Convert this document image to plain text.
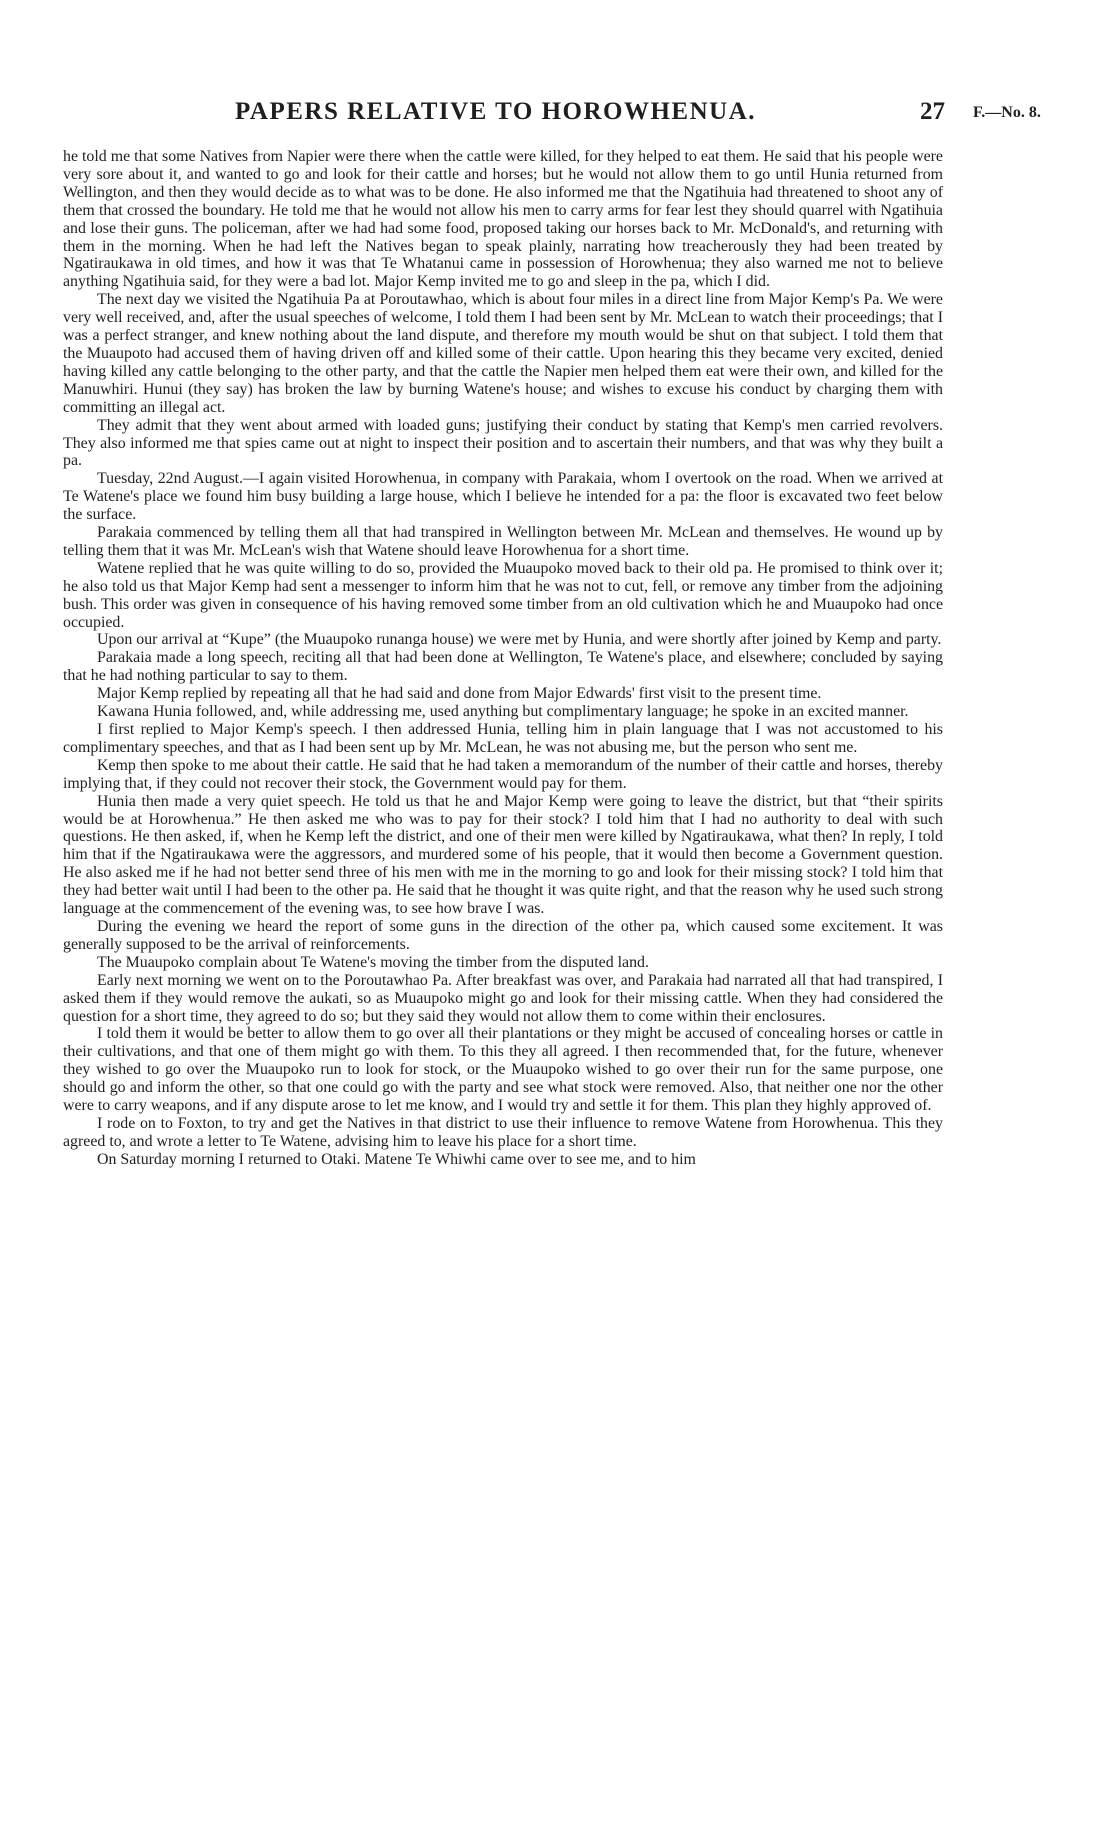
PAPERS RELATIVE TO HOROWHENUA.	27 F.—No. 8.

he told me that some Natives from Napier were there when the cattle were killed, for they helped to eat them. He said that his people were very sore about it, and wanted to go and look for their cattle and horses; but he would not allow them to go until Hunia returned from Wellington, and then they would decide as to what was to be done. He also informed me that the Ngatihuia had threatened to shoot any of them that crossed the boundary. He told me that he would not allow his men to carry arms for fear lest they should quarrel with Ngatihuia and lose their guns. The policeman, after we had had some food, proposed taking our horses back to Mr. McDonald's, and returning with them in the morning. When he had left the Natives began to speak plainly, narrating how treacherously they had been treated by Ngatiraukawa in old times, and how it was that Te Whatanui came in possession of Horowhenua; they also warned me not to believe anything Ngatihuia said, for they were a bad lot. Major Kemp invited me to go and sleep in the pa, which I did.

The next day we visited the Ngatihuia Pa at Poroutawhao, which is about four miles in a direct line from Major Kemp's Pa. We were very well received, and, after the usual speeches of welcome, I told them I had been sent by Mr. McLean to watch their proceedings; that I was a perfect stranger, and knew nothing about the land dispute, and therefore my mouth would be shut on that subject. I told them that the Muaupoto had accused them of having driven off and killed some of their cattle. Upon hearing this they became very excited, denied having killed any cattle belonging to the other party, and that the cattle the Napier men helped them eat were their own, and killed for the Manuwhiri. Hunui (they say) has broken the law by burning Watene's house; and wishes to excuse his conduct by charging them with committing an illegal act.

They admit that they went about armed with loaded guns; justifying their conduct by stating that Kemp's men carried revolvers. They also informed me that spies came out at night to inspect their position and to ascertain their numbers, and that was why they built a pa.

Tuesday, 22nd August.—I again visited Horowhenua, in company with Parakaia, whom I overtook on the road. When we arrived at Te Watene's place we found him busy building a large house, which I believe he intended for a pa: the floor is excavated two feet below the surface.

Parakaia commenced by telling them all that had transpired in Wellington between Mr. McLean and themselves. He wound up by telling them that it was Mr. McLean's wish that Watene should leave Horowhenua for a short time.

Watene replied that he was quite willing to do so, provided the Muaupoko moved back to their old pa. He promised to think over it; he also told us that Major Kemp had sent a messenger to inform him that he was not to cut, fell, or remove any timber from the adjoining bush. This order was given in consequence of his having removed some timber from an old cultivation which he and Muaupoko had once occupied.

Upon our arrival at “Kupe” (the Muaupoko runanga house) we were met by Hunia, and were shortly after joined by Kemp and party.

Parakaia made a long speech, reciting all that had been done at Wellington, Te Watene's place, and elsewhere; concluded by saying that he had nothing particular to say to them.

Major Kemp replied by repeating all that he had said and done from Major Edwards' first visit to the present time.

Kawana Hunia followed, and, while addressing me, used anything but complimentary language; he spoke in an excited manner.

I first replied to Major Kemp's speech. I then addressed Hunia, telling him in plain language that I was not accustomed to his complimentary speeches, and that as I had been sent up by Mr. McLean, he was not abusing me, but the person who sent me.

Kemp then spoke to me about their cattle. He said that he had taken a memorandum of the number of their cattle and horses, thereby implying that, if they could not recover their stock, the Government would pay for them.

Hunia then made a very quiet speech. He told us that he and Major Kemp were going to leave the district, but that “their spirits would be at Horowhenua.” He then asked me who was to pay for their stock? I told him that I had no authority to deal with such questions. He then asked, if, when he Kemp left the district, and one of their men were killed by Ngatiraukawa, what then? In reply, I told him that if the Ngatiraukawa were the aggressors, and murdered some of his people, that it would then become a Government question. He also asked me if he had not better send three of his men with me in the morning to go and look for their missing stock? I told him that they had better wait until I had been to the other pa. He said that he thought it was quite right, and that the reason why he used such strong language at the commencement of the evening was, to see how brave I was.

During the evening we heard the report of some guns in the direction of the other pa, which caused some excitement. It was generally supposed to be the arrival of reinforcements.

The Muaupoko complain about Te Watene's moving the timber from the disputed land.

Early next morning we went on to the Poroutawhao Pa. After breakfast was over, and Parakaia had narrated all that had transpired, I asked them if they would remove the aukati, so as Muaupoko might go and look for their missing cattle. When they had considered the question for a short time, they agreed to do so; but they said they would not allow them to come within their enclosures.

I told them it would be better to allow them to go over all their plantations or they might be accused of concealing horses or cattle in their cultivations, and that one of them might go with them. To this they all agreed. I then recommended that, for the future, whenever they wished to go over the Muaupoko run to look for stock, or the Muaupoko wished to go over their run for the same purpose, one should go and inform the other, so that one could go with the party and see what stock were removed. Also, that neither one nor the other were to carry weapons, and if any dispute arose to let me know, and I would try and settle it for them. This plan they highly approved of.

I rode on to Foxton, to try and get the Natives in that district to use their influence to remove Watene from Horowhenua. This they agreed to, and wrote a letter to Te Watene, advising him to leave his place for a short time.

On Saturday morning I returned to Otaki. Matene Te Whiwhi came over to see me, and to him
